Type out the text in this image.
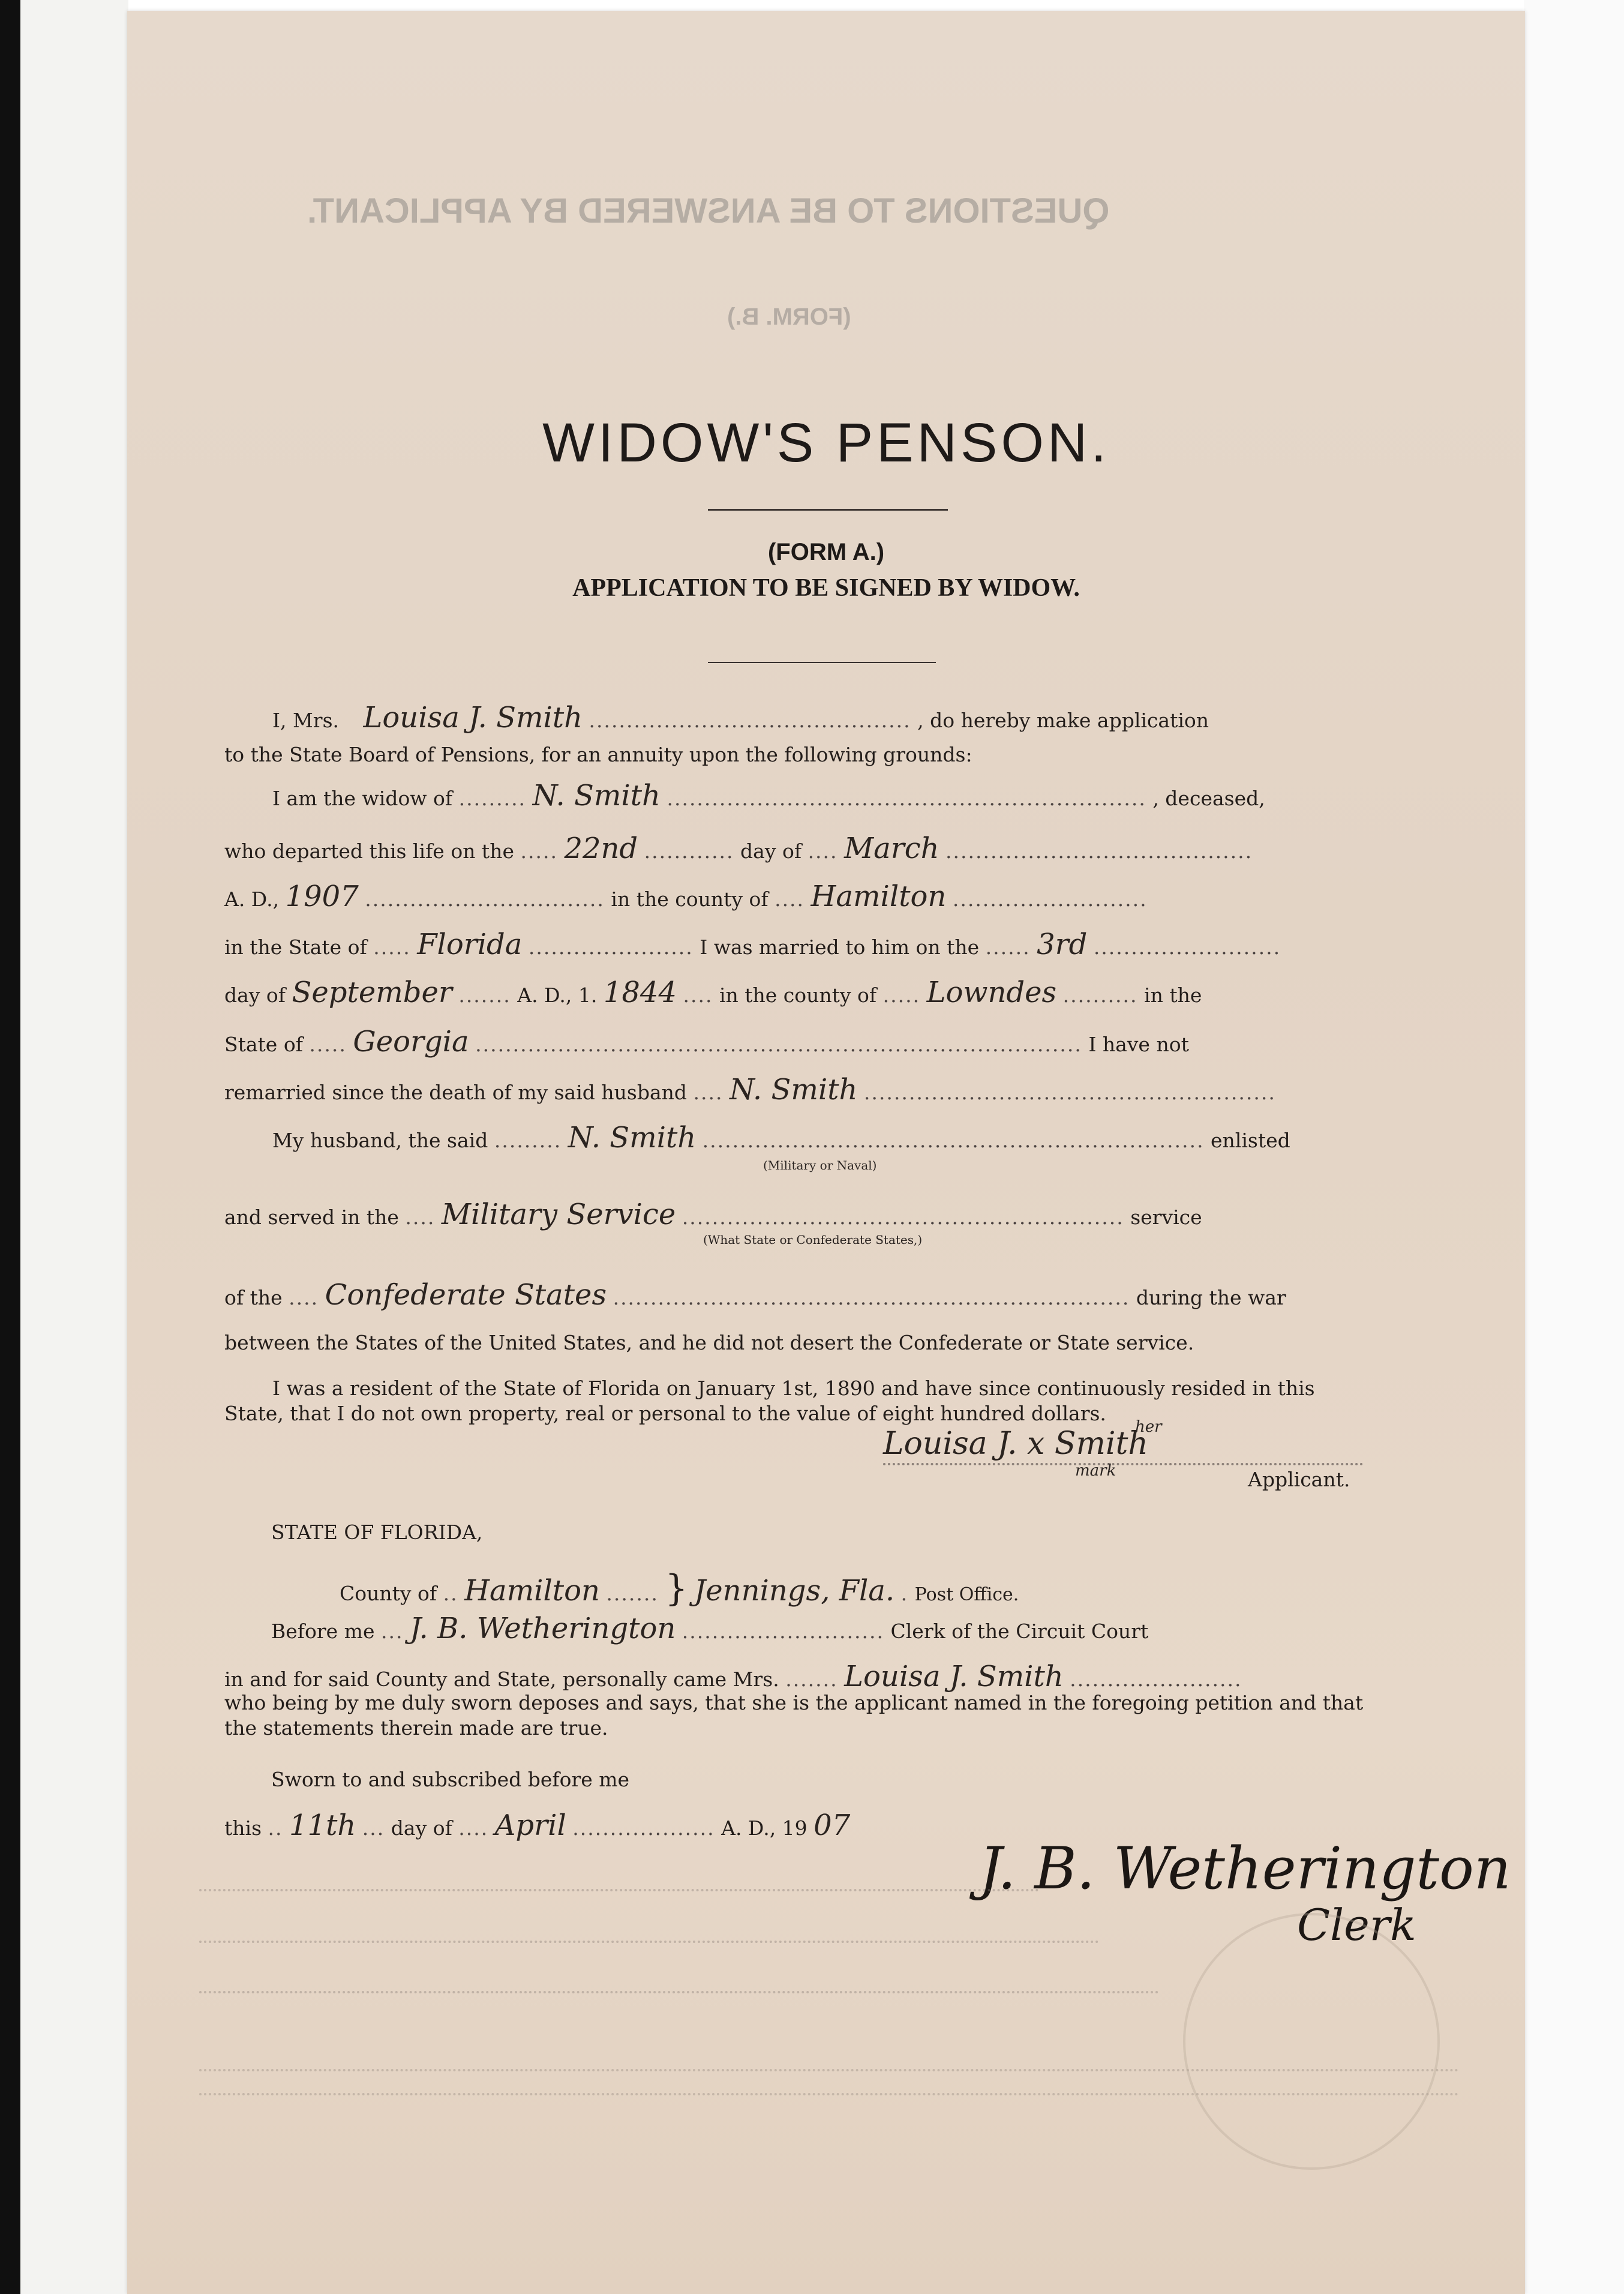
QUESTIONS TO BE ANSWERED BY APPLICANT.
(FORM. B.)
WIDOW'S PENSON.
(FORM A.)
APPLICATION TO BE SIGNED BY WIDOW.
I, Mrs. Louisa J. Smith ........................................... , do hereby make application
to the State Board of Pensions, for an annuity upon the following grounds:
I am the widow of ......... N. Smith ................................................................ , deceased,
who departed this life on the ..... 22nd ............ day of .... March .........................................
A. D., 1907 ................................ in the county of .... Hamilton ..........................
in the State of ..... Florida ...................... I was married to him on the ...... 3rd .........................
day of September ....... A. D., 1. 1844 .... in the county of ..... Lowndes .......... in the
State of ..... Georgia ................................................................................. I have not
remarried since the death of my said husband .... N. Smith .......................................................
My husband, the said ......... N. Smith ................................................................... enlisted
(Military or Naval)
and served in the .... Military Service ........................................................... service
(What State or Confederate States,)
of the .... Confederate States ..................................................................... during the war
between the States of the United States, and he did not desert the Confederate or State service.
I was a resident of the State of Florida on January 1st, 1890 and have since continuously resided in this
State, that I do not own property, real or personal to the value of eight hundred dollars.
her
Louisa J. x Smith
mark	Applicant.
STATE OF FLORIDA,
County of .. Hamilton ....... } Jennings, Fla. . Post Office.
Before me ... J. B. Wetherington ........................... Clerk of the Circuit Court
in and for said County and State, personally came Mrs. ....... Louisa J. Smith .......................
who being by me duly sworn deposes and says, that she is the applicant named in the foregoing petition and that
the statements therein made are true.
Sworn to and subscribed before me
this .. 11th ... day of .... April ................... A. D., 19 07
J. B. Wetherington
Clerk
